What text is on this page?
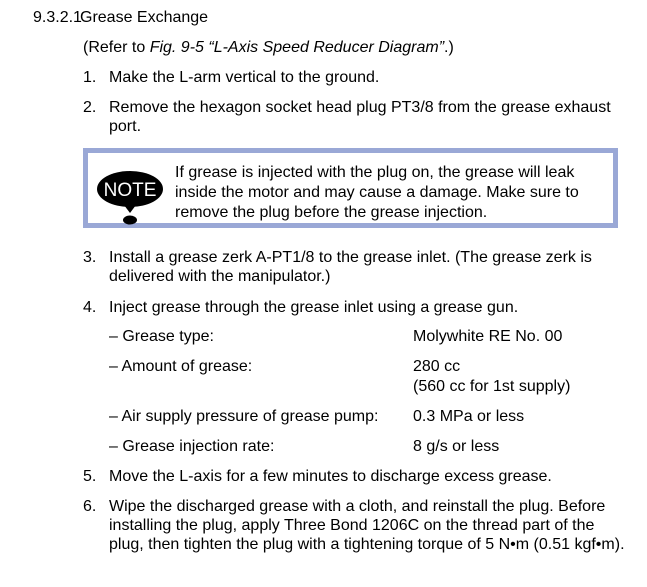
9.3.2.1Grease Exchange
(Refer to Fig. 9-5 “L-Axis Speed Reducer Diagram”.)
1. Make the L-arm vertical to the ground.
2. Remove the hexagon socket head plug PT3/8 from the grease exhaust port.
NOTE
If grease is injected with the plug on, the grease will leak inside the motor and may cause a damage. Make sure to remove the plug before the grease injection.
3. Install a grease zerk A-PT1/8 to the grease inlet. (The grease zerk is delivered with the manipulator.)
4. Inject grease through the grease inlet using a grease gun.
– Grease type:	Molywhite RE No. 00
– Amount of grease:	280 cc
(560 cc for 1st supply)
– Air supply pressure of grease pump: 0.3 MPa or less
– Grease injection rate:	8 g/s or less
5. Move the L-axis for a few minutes to discharge excess grease.
6. Wipe the discharged grease with a cloth, and reinstall the plug. Before installing the plug, apply Three Bond 1206C on the thread part of the plug, then tighten the plug with a tightening torque of 5 N•m (0.51 kgf•m).
